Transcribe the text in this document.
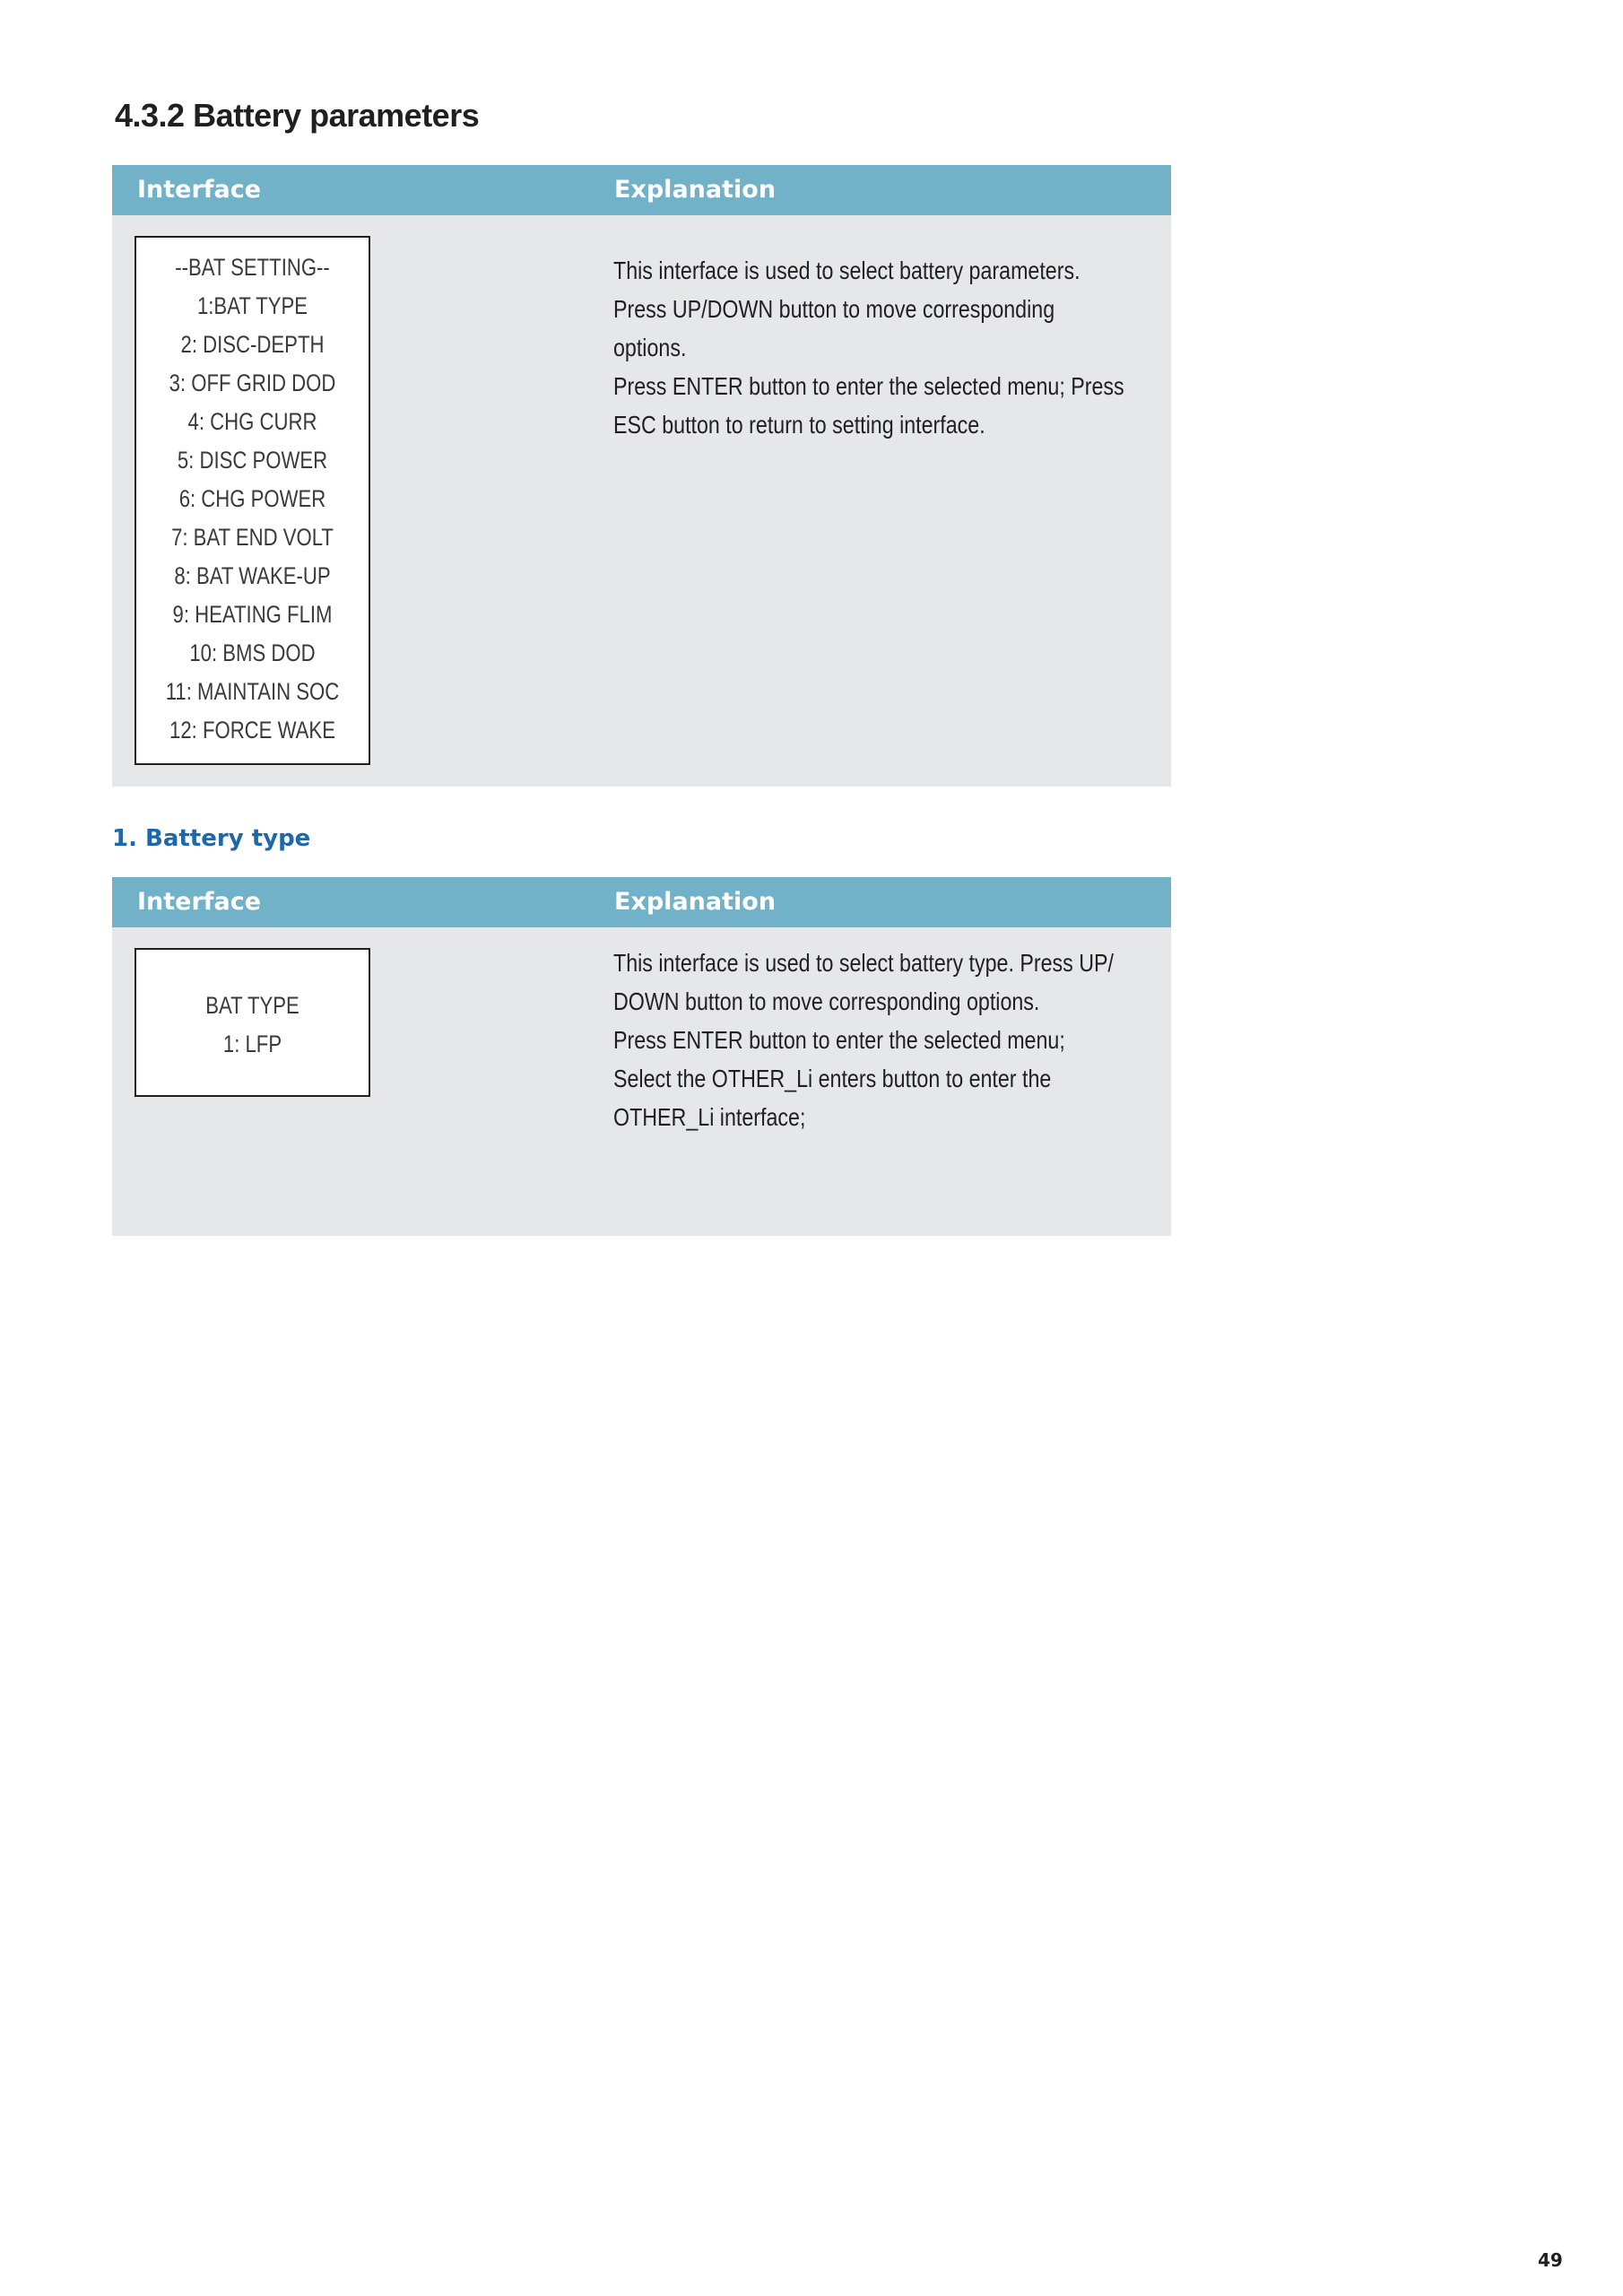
4.3.2 Battery parameters
Interface	Explanation
--BAT SETTING--
1:BAT TYPE
2: DISC-DEPTH
3: OFF GRID DOD
4: CHG CURR
5: DISC POWER
6: CHG POWER
7: BAT END VOLT
8: BAT WAKE-UP
9: HEATING FLIM
10: BMS DOD
11: MAINTAIN SOC
12: FORCE WAKE
This interface is used to select battery parameters.
Press UP/DOWN button to move corresponding
options.
Press ENTER button to enter the selected menu; Press
ESC button to return to setting interface.
1. Battery type
Interface	Explanation
BAT TYPE
1: LFP
This interface is used to select battery type. Press UP/
DOWN button to move corresponding options.
Press ENTER button to enter the selected menu;
Select the OTHER_Li enters button to enter the
OTHER_Li interface;
49
